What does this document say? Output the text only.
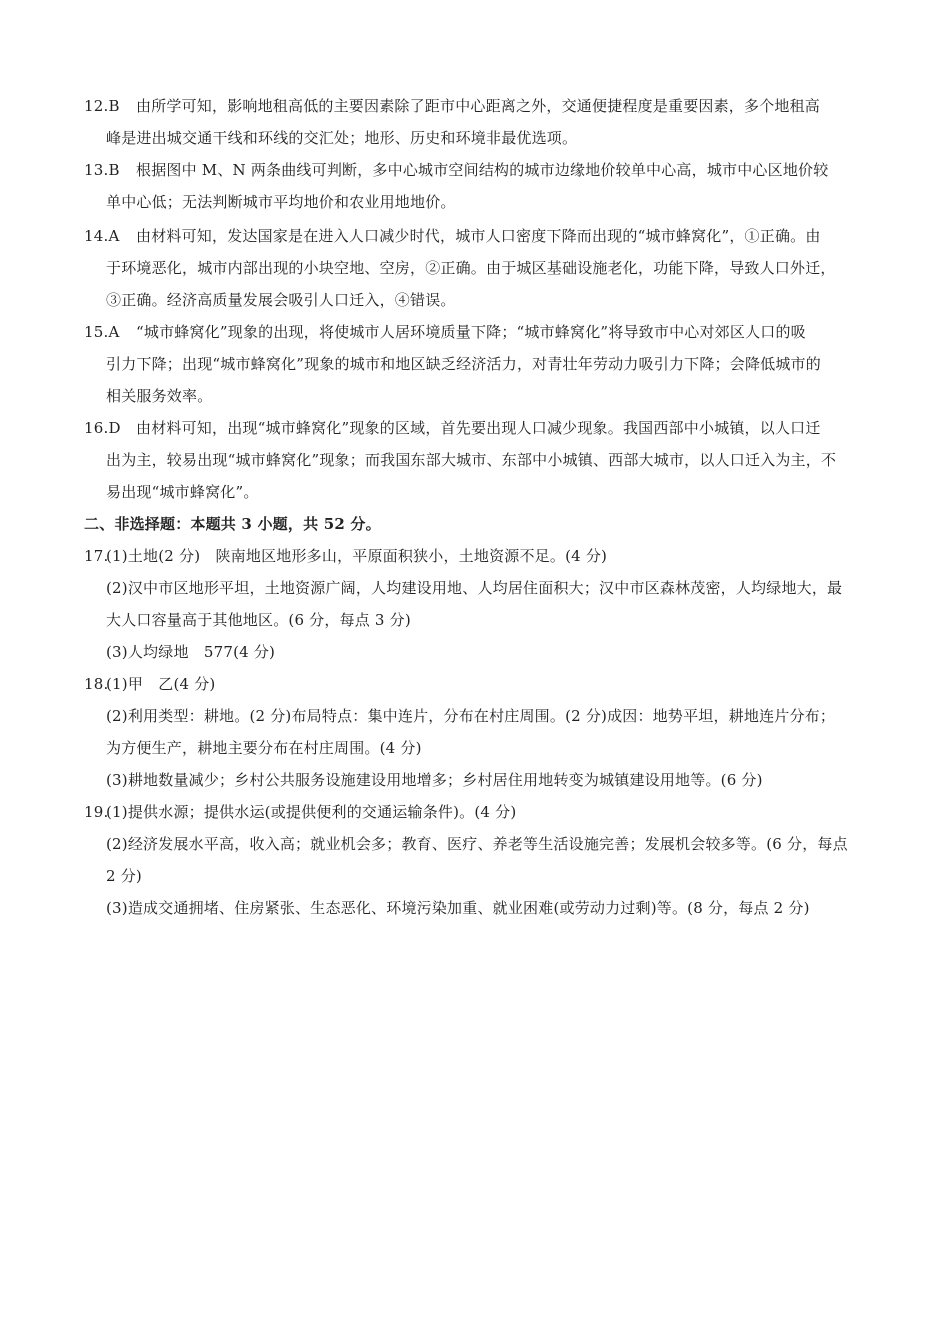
12.B 由所学可知，影响地租高低的主要因素除了距市中心距离之外，交通便捷程度是重要因素，多个地租高
峰是进出城交通干线和环线的交汇处；地形、历史和环境非最优选项。
13.B 根据图中 M、N 两条曲线可判断，多中心城市空间结构的城市边缘地价较单中心高，城市中心区地价较
单中心低；无法判断城市平均地价和农业用地地价。
14.A 由材料可知，发达国家是在进入人口减少时代，城市人口密度下降而出现的“城市蜂窝化”，①正确。由
于环境恶化，城市内部出现的小块空地、空房，②正确。由于城区基础设施老化，功能下降，导致人口外迁，
③正确。经济高质量发展会吸引人口迁入，④错误。
15.A “城市蜂窝化”现象的出现，将使城市人居环境质量下降；“城市蜂窝化”将导致市中心对郊区人口的吸
引力下降；出现“城市蜂窝化”现象的城市和地区缺乏经济活力，对青壮年劳动力吸引力下降；会降低城市的
相关服务效率。
16.D 由材料可知，出现“城市蜂窝化”现象的区域，首先要出现人口减少现象。我国西部中小城镇，以人口迁
出为主，较易出现“城市蜂窝化”现象；而我国东部大城市、东部中小城镇、西部大城市，以人口迁入为主，不
易出现“城市蜂窝化”。
二、非选择题：本题共 3 小题，共 52 分。
17.(1)土地(2 分)　陕南地区地形多山，平原面积狭小，土地资源不足。(4 分)
(2)汉中市区地形平坦，土地资源广阔，人均建设用地、人均居住面积大；汉中市区森林茂密，人均绿地大，最
大人口容量高于其他地区。(6 分，每点 3 分)
(3)人均绿地　577(4 分)
18.(1)甲　乙(4 分)
(2)利用类型：耕地。(2 分)布局特点：集中连片，分布在村庄周围。(2 分)成因：地势平坦，耕地连片分布；
为方便生产，耕地主要分布在村庄周围。(4 分)
(3)耕地数量减少；乡村公共服务设施建设用地增多；乡村居住用地转变为城镇建设用地等。(6 分)
19.(1)提供水源；提供水运(或提供便利的交通运输条件)。(4 分)
(2)经济发展水平高，收入高；就业机会多；教育、医疗、养老等生活设施完善；发展机会较多等。(6 分，每点
2 分)
(3)造成交通拥堵、住房紧张、生态恶化、环境污染加重、就业困难(或劳动力过剩)等。(8 分，每点 2 分)
